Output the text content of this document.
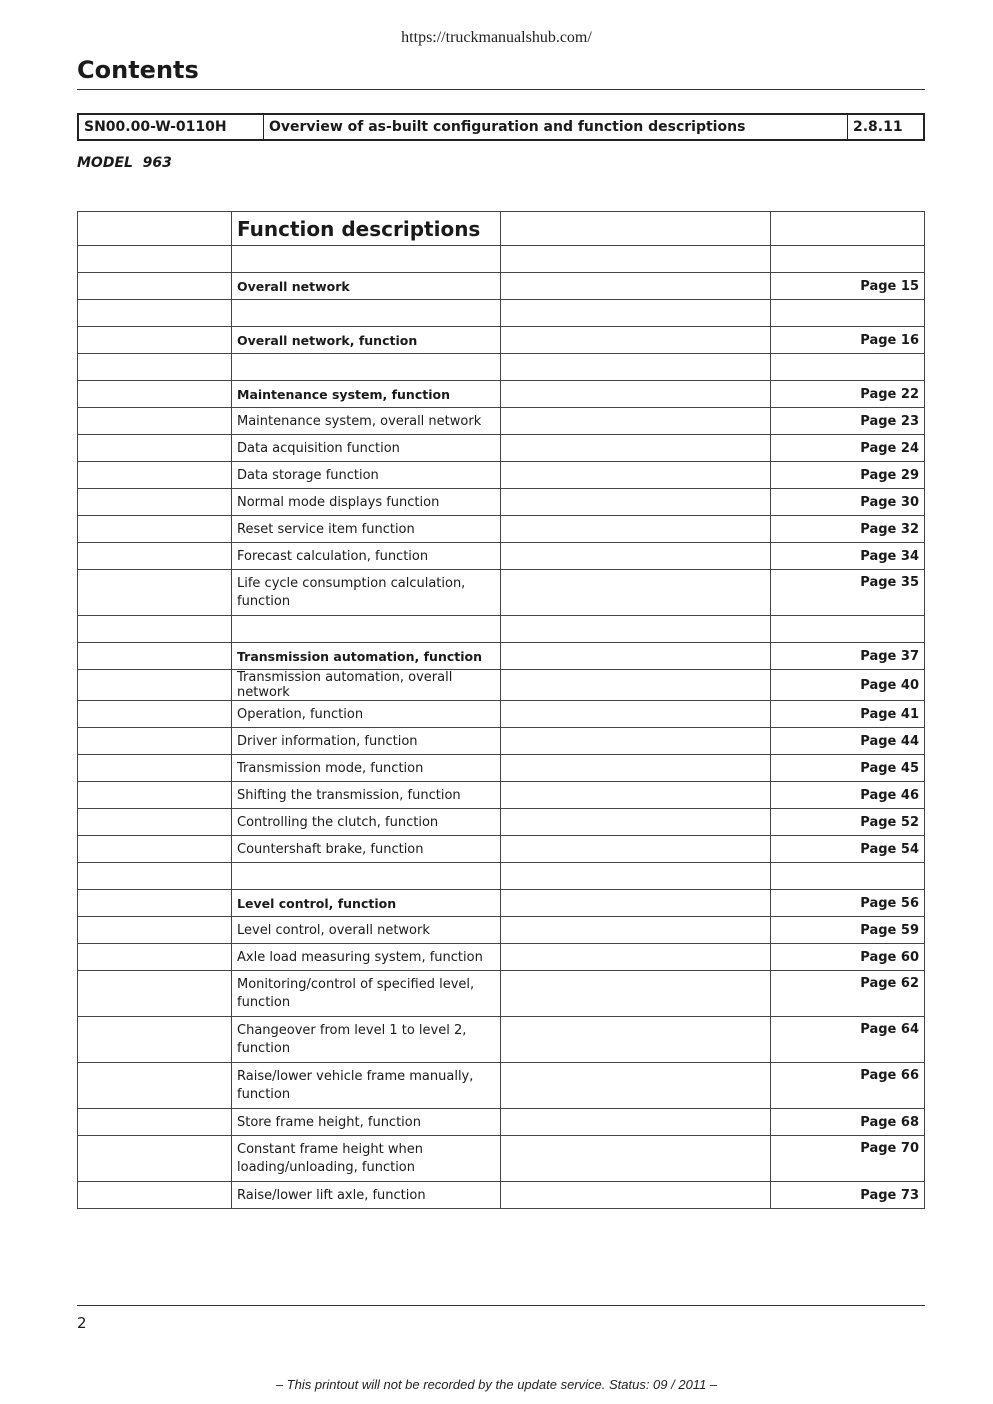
https://truckmanualshub.com/
Contents
SN00.00-W-0110H	Overview of as-built configuration and function descriptions	2.8.11
MODEL  963
	Function descriptions		

	Overall network		Page 15

	Overall network, function		Page 16

	Maintenance system, function		Page 22
	Maintenance system, overall network		Page 23
	Data acquisition function		Page 24
	Data storage function		Page 29
	Normal mode displays function		Page 30
	Reset service item function		Page 32
	Forecast calculation, function		Page 34
	Life cycle consumption calculation, function		Page 35

	Transmission automation, function		Page 37
	Transmission automation, overall network		Page 40
	Operation, function		Page 41
	Driver information, function		Page 44
	Transmission mode, function		Page 45
	Shifting the transmission, function		Page 46
	Controlling the clutch, function		Page 52
	Countershaft brake, function		Page 54

	Level control, function		Page 56
	Level control, overall network		Page 59
	Axle load measuring system, function		Page 60
	Monitoring/control of specified level, function		Page 62
	Changeover from level 1 to level 2, function		Page 64
	Raise/lower vehicle frame manually, function		Page 66
	Store frame height, function		Page 68
	Constant frame height when loading/unloading, function		Page 70
	Raise/lower lift axle, function		Page 73
2
– This printout will not be recorded by the update service. Status: 09 / 2011 –
